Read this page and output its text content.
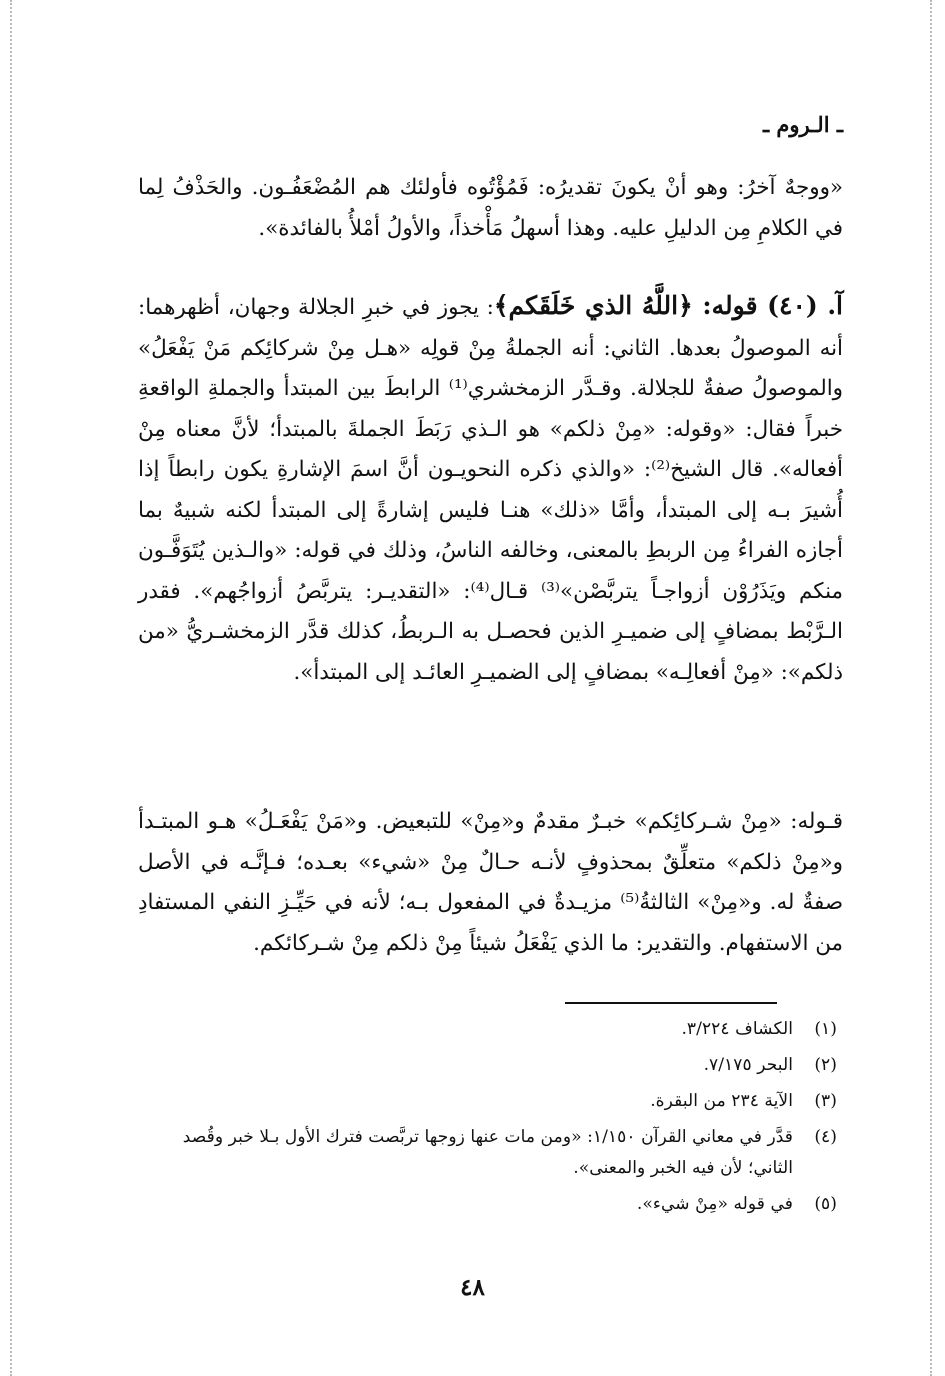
ـ الـروم ـ
«ووجهٌ آخرُ: وهو أنْ يكونَ تقديرُه: فَمُؤْتُوه فأولئك هم المُضْعَفُـون. والحَذْفُ لِما في الكلامِ مِن الدليلِ عليه. وهذا أسهلُ مَأْخذاً، والأولُ أمْلأُ بالفائدة».
آ. (٤٠) قوله: ﴿اللَّهُ الذي خَلَقَكم﴾: يجوز في خبرِ الجلالة وجهان، أظهرهما: أنه الموصولُ بعدها. الثاني: أنه الجملةُ مِنْ قولِه «هـل مِنْ شركائِكم مَنْ يَفْعَلُ» والموصولُ صفةٌ للجلالة. وقـدَّر الزمخشري⁽¹⁾ الرابطَ بين المبتدأ والجملةِ الواقعةِ خبراً فقال: «وقوله: «مِنْ ذلكم» هو الـذي رَبَطَ الجملةَ بالمبتدأ؛ لأنَّ معناه مِنْ أفعاله». قال الشيخ⁽²⁾: «والذي ذكره النحويـون أنَّ اسمَ الإشارةِ يكون رابطاً إذا أُشيرَ بـه إلى المبتدأ، وأمَّا «ذلك» هنـا فليس إشارةً إلى المبتدأ لكنه شبيهٌ بما أجازه الفراءُ مِن الربطِ بالمعنى، وخالفه الناسُ، وذلك في قوله: «والـذين يُتَوَفَّـون منكم ويَذَرُوْن أزواجـاً يتربَّصْن»⁽³⁾ قـال⁽⁴⁾: «التقديـر: يتربَّصُ أزواجُهم». فقدر الـرَّبْط بمضافٍ إلى ضميـرِ الذين فحصـل به الـربطُ، كذلك قدَّر الزمخشـريُّ «من ذلكم»: «مِنْ أفعالِـه» بمضافٍ إلى الضميـرِ العائـد إلى المبتدأ».
قـوله: «مِنْ شـركائِكم» خبـرٌ مقدمٌ و«مِنْ» للتبعيض. و«مَنْ يَفْعَـلُ» هـو المبتـدأ و«مِنْ ذلكم» متعلِّقٌ بمحذوفٍ لأنـه حـالٌ مِنْ «شيء» بعـده؛ فـإنَّـه في الأصل صفةٌ له. و«مِنْ» الثالثةُ⁽⁵⁾ مزيـدةٌ في المفعول بـه؛ لأنه في حَيِّـزِ النفي المستفادِ من الاستفهام. والتقدير: ما الذي يَفْعَلُ شيئاً مِنْ ذلكم مِنْ شـركائكم.
(١)
الكشاف ٣/٢٢٤.
(٢)
البحر ٧/١٧٥.
(٣)
الآية ٢٣٤ من البقرة.
(٤)
قدَّر في معاني القرآن ١/١٥٠: «ومن مات عنها زوجها تربَّصت فترك الأول بـلا خبر وقُصد الثاني؛ لأن فيه الخبر والمعنى».
(٥)
في قوله «مِنْ شيء».
٤٨
